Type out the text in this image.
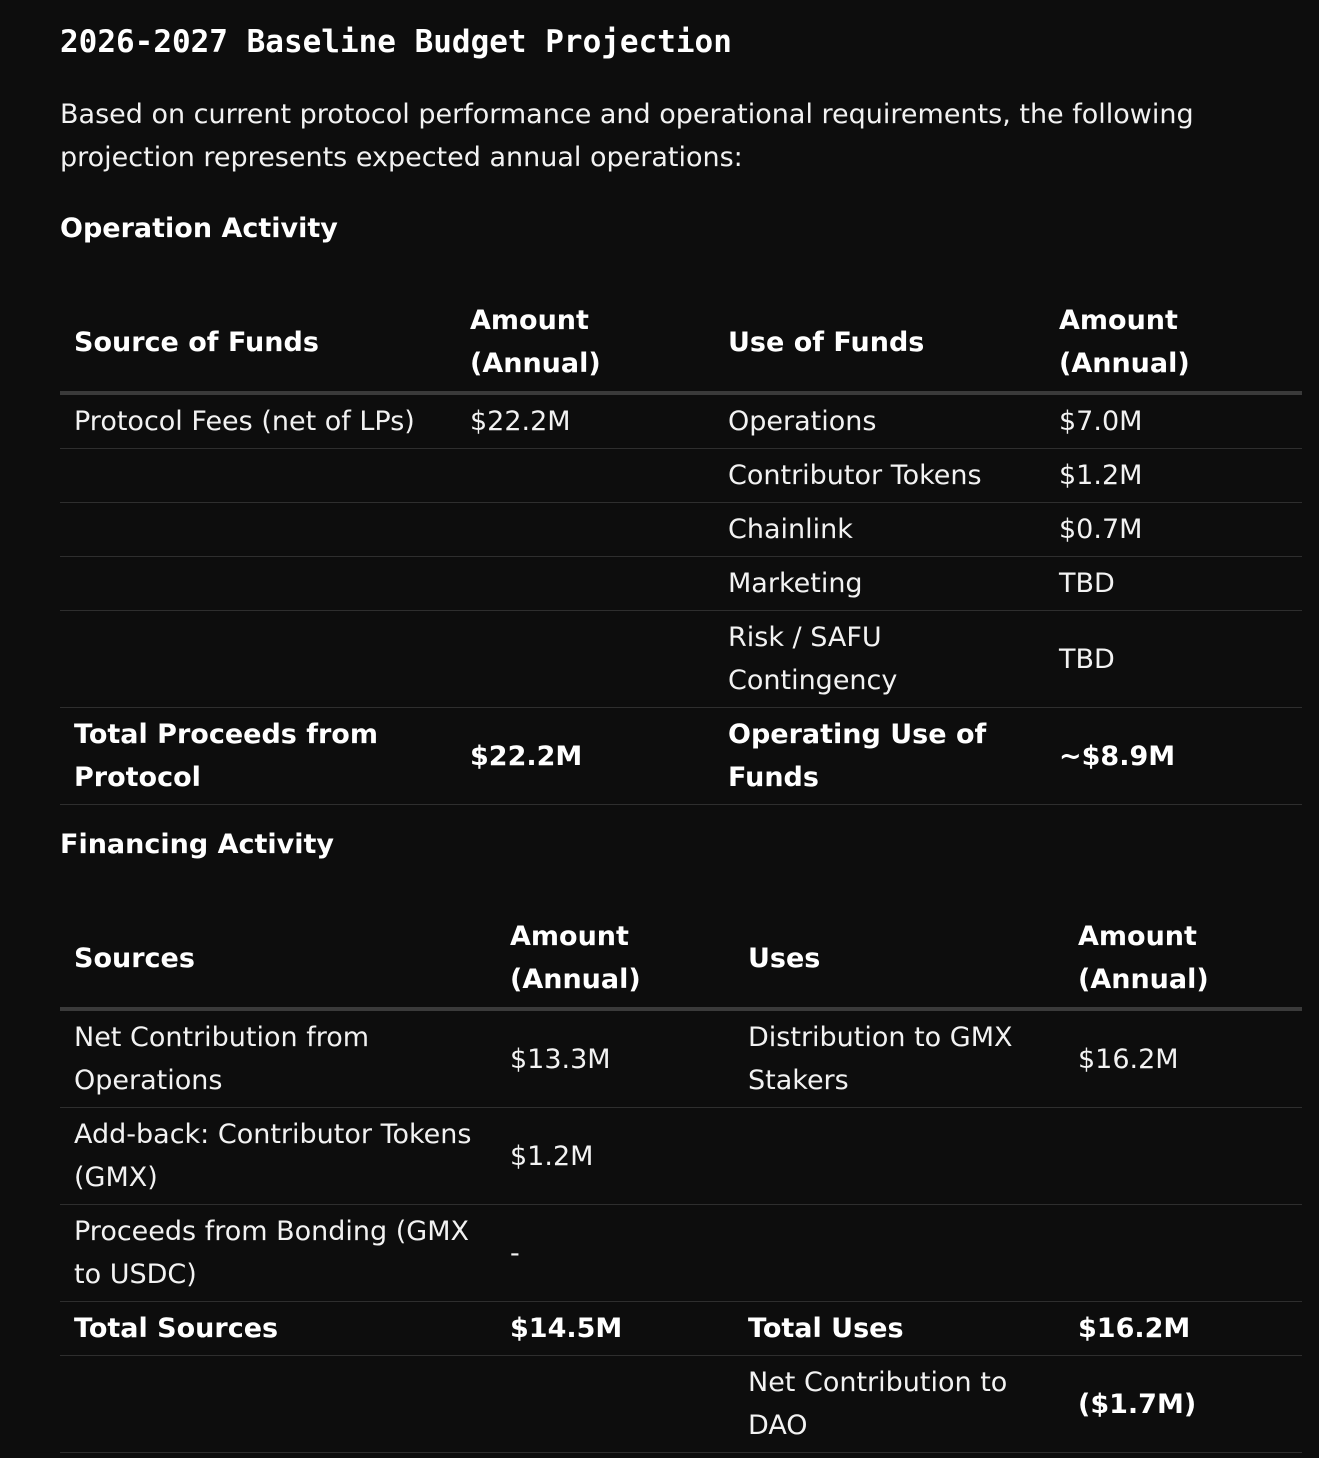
2026-2027 Baseline Budget Projection

Based on current protocol performance and operational requirements, the following projection represents expected annual operations:

Operation Activity
Source of Funds	Amount (Annual)	Use of Funds	Amount (Annual)
Protocol Fees (net of LPs)	$22.2M	Operations	$7.0M
		Contributor Tokens	$1.2M
		Chainlink	$0.7M
		Marketing	TBD
		Risk / SAFU Contingency	TBD
Total Proceeds from Protocol	$22.2M	Operating Use of Funds	~$8.9M
Financing Activity
Sources	Amount (Annual)	Uses	Amount (Annual)
Net Contribution from Operations	$13.3M	Distribution to GMX Stakers	$16.2M
Add-back: Contributor Tokens (GMX)	$1.2M		
Proceeds from Bonding (GMX to USDC)	-		
Total Sources	$14.5M	Total Uses	$16.2M
		Net Contribution to DAO	($1.7M)
